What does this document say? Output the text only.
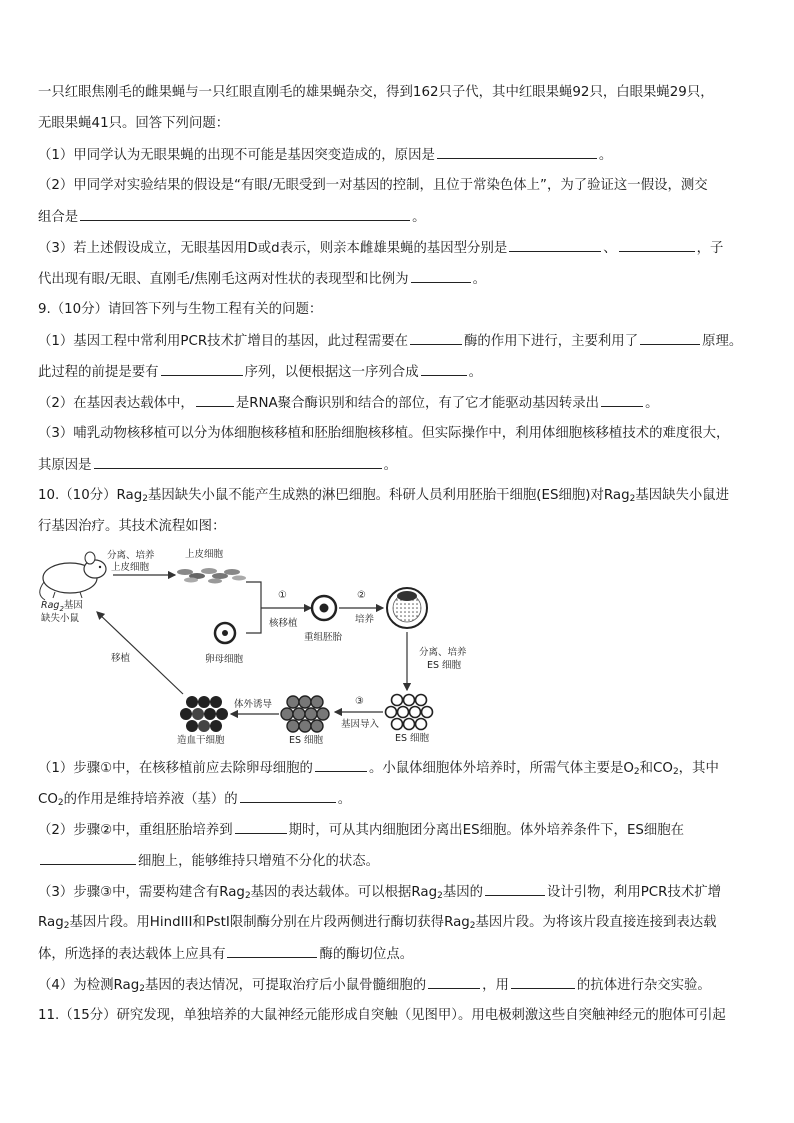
一只红眼焦刚毛的雌果蝇与一只红眼直刚毛的雄果蝇杂交，得到162只子代，其中红眼果蝇92只，白眼果蝇29只，
无眼果蝇41只。回答下列问题：
（1）甲同学认为无眼果蝇的出现不可能是基因突变造成的，原因是	。
（2）甲同学对实验结果的假设是“有眼/无眼受到一对基因的控制，且位于常染色体上”，为了验证这一假设，测交
组合是	。
（3）若上述假设成立，无眼基因用D或d表示，则亲本雌雄果蝇的基因型分别是	、	，子
代出现有眼/无眼、直刚毛/焦刚毛这两对性状的表现型和比例为	。
9.（10分）请回答下列与生物工程有关的问题：
（1）基因工程中常利用PCR技术扩增目的基因，此过程需要在	酶的作用下进行，主要利用了	原理。
此过程的前提是要有	序列，以便根据这一序列合成	。
（2）在基因表达载体中，	是RNA聚合酶识别和结合的部位，有了它才能驱动基因转录出	。
（3）哺乳动物核移植可以分为体细胞核移植和胚胎细胞核移植。但实际操作中，利用体细胞核移植技术的难度很大，
其原因是	。
10.（10分）Rag$_2$基因缺失小鼠不能产生成熟的淋巴细胞。科研人员利用胚胎干细胞(ES细胞)对Rag$_2$基因缺失小鼠进
行基因治疗。其技术流程如图：
Rag$_2$基因
缺失小鼠
分离、培养
上皮细胞
上皮细胞
卵母细胞
①
核移植
重组胚胎
②
培养
分离、培养
ES 细胞
ES 细胞
③
基因导入
ES 细胞
体外诱导
造血干细胞
移植
（1）步骤①中，在核移植前应去除卵母细胞的	。小鼠体细胞体外培养时，所需气体主要是$O_2$和$CO_2$，其中
$CO_2$的作用是维持培养液（基）的	。
（2）步骤②中，重组胚胎培养到	期时，可从其内细胞团分离出ES细胞。体外培养条件下，ES细胞在
细胞上，能够维持只增殖不分化的状态。
（3）步骤③中，需要构建含有Rag$_2$基因的表达载体。可以根据Rag$_2$基因的	设计引物，利用PCR技术扩增
Rag$_2$基因片段。用HindIII和PstⅠ限制酶分别在片段两侧进行酶切获得Rag$_2$基因片段。为将该片段直接连接到表达载
体，所选择的表达载体上应具有	酶的酶切位点。
（4）为检测Rag$_2$基因的表达情况，可提取治疗后小鼠骨髓细胞的	，用	的抗体进行杂交实验。
11.（15分）研究发现，单独培养的大鼠神经元能形成自突触（见图甲）。用电极刺激这些自突触神经元的胞体可引起
